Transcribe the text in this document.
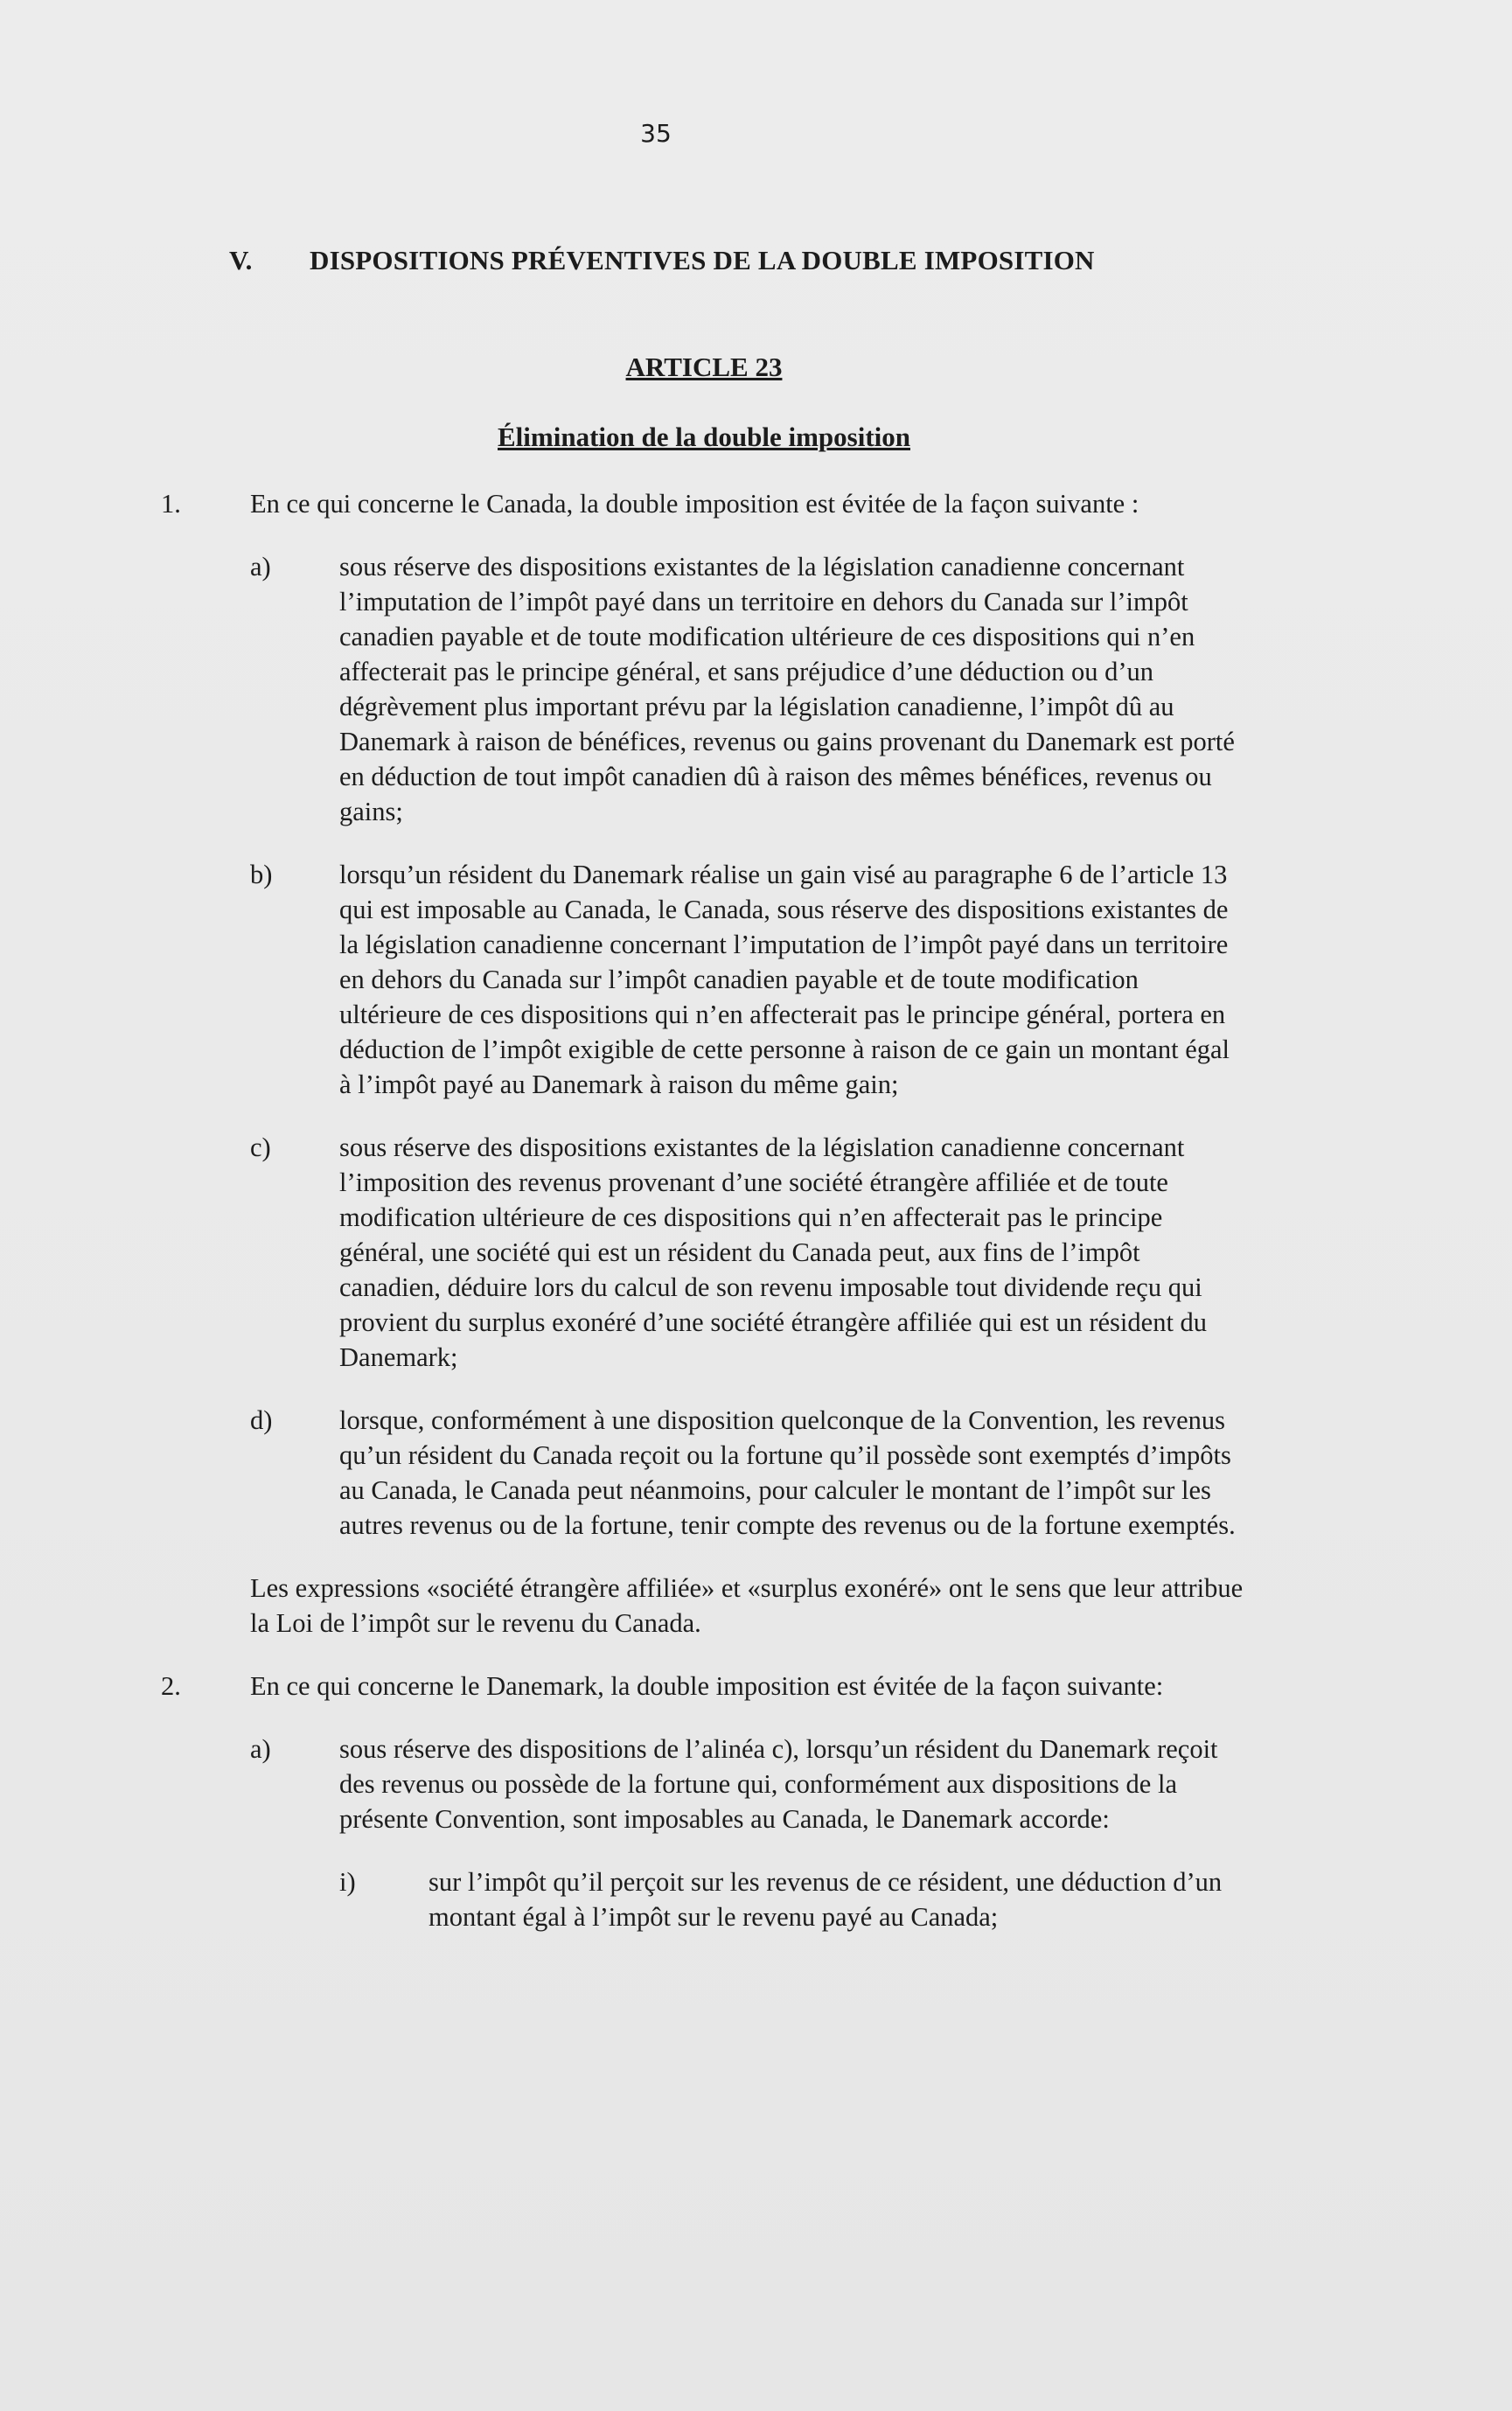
35
V. DISPOSITIONS PRÉVENTIVES DE LA DOUBLE IMPOSITION
ARTICLE 23
Élimination de la double imposition
1.	En ce qui concerne le Canada, la double imposition est évitée de la façon suivante :
a)	sous réserve des dispositions existantes de la législation canadienne concernant l’imputation de l’impôt payé dans un territoire en dehors du Canada sur l’impôt canadien payable et de toute modification ultérieure de ces dispositions qui n’en affecterait pas le principe général, et sans préjudice d’une déduction ou d’un dégrèvement plus important prévu par la législation canadienne, l’impôt dû au Danemark à raison de bénéfices, revenus ou gains provenant du Danemark est porté en déduction de tout impôt canadien dû à raison des mêmes bénéfices, revenus ou gains;
b)	lorsqu’un résident du Danemark réalise un gain visé au paragraphe 6 de l’article 13 qui est imposable au Canada, le Canada, sous réserve des dispositions existantes de la législation canadienne concernant l’imputation de l’impôt payé dans un territoire en dehors du Canada sur l’impôt canadien payable et de toute modification ultérieure de ces dispositions qui n’en affecterait pas le principe général, portera en déduction de l’impôt exigible de cette personne à raison de ce gain un montant égal à l’impôt payé au Danemark à raison du même gain;
c)	sous réserve des dispositions existantes de la législation canadienne concernant l’imposition des revenus provenant d’une société étrangère affiliée et de toute modification ultérieure de ces dispositions qui n’en affecterait pas le principe général, une société qui est un résident du Canada peut, aux fins de l’impôt canadien, déduire lors du calcul de son revenu imposable tout dividende reçu qui provient du surplus exonéré d’une société étrangère affiliée qui est un résident du Danemark;
d)	lorsque, conformément à une disposition quelconque de la Convention, les revenus qu’un résident du Canada reçoit ou la fortune qu’il possède sont exemptés d’impôts au Canada, le Canada peut néanmoins, pour calculer le montant de l’impôt sur les autres revenus ou de la fortune, tenir compte des revenus ou de la fortune exemptés.
Les expressions «société étrangère affiliée» et «surplus exonéré» ont le sens que leur attribue la Loi de l’impôt sur le revenu du Canada.
2.	En ce qui concerne le Danemark, la double imposition est évitée de la façon suivante:
a)	sous réserve des dispositions de l’alinéa c), lorsqu’un résident du Danemark reçoit des revenus ou possède de la fortune qui, conformément aux dispositions de la présente Convention, sont imposables au Canada, le Danemark accorde:
i)	sur l’impôt qu’il perçoit sur les revenus de ce résident, une déduction d’un montant égal à l’impôt sur le revenu payé au Canada;
